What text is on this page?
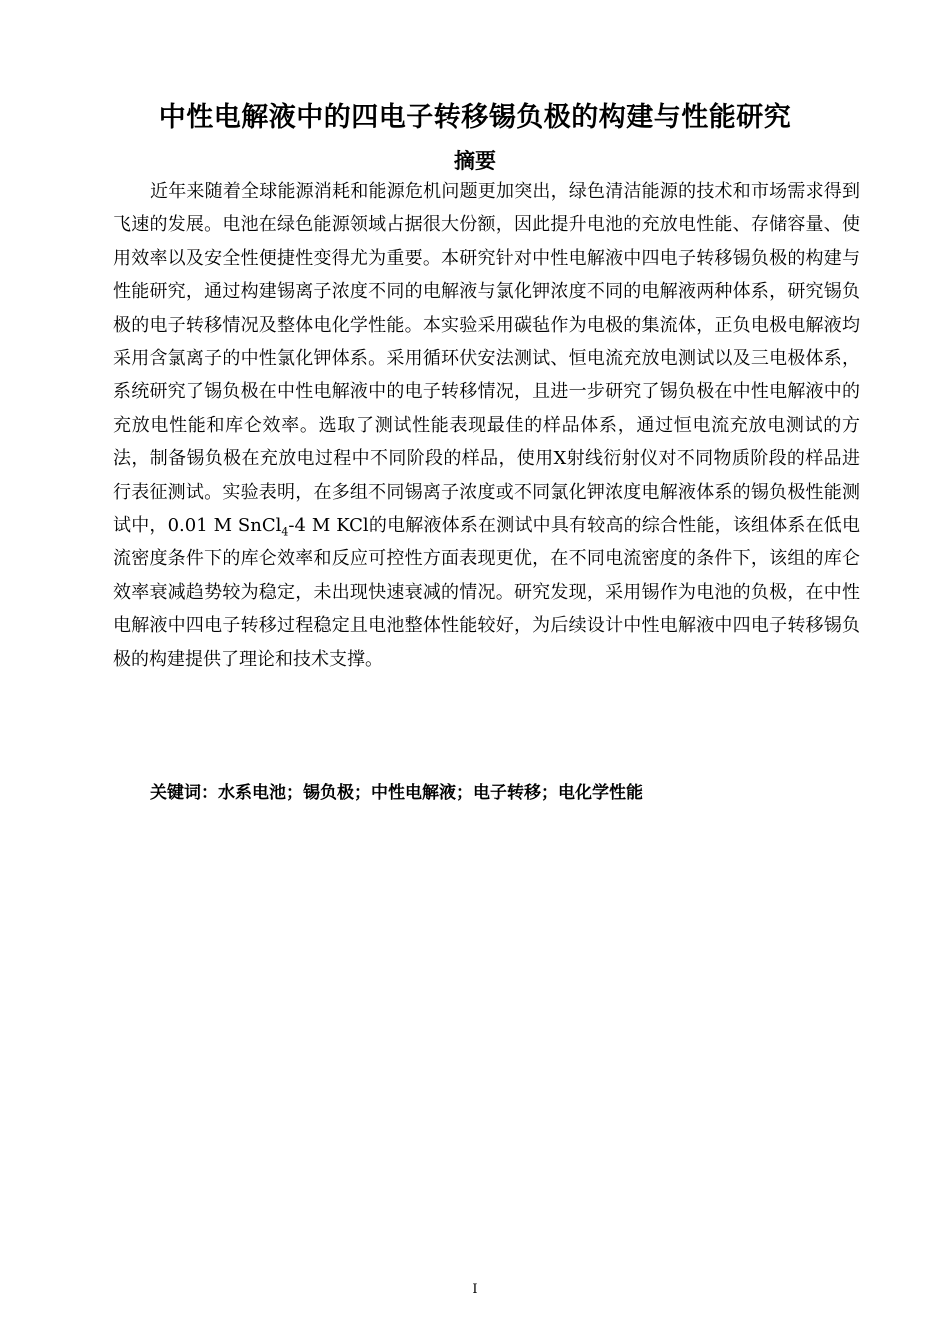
中性电解液中的四电子转移锡负极的构建与性能研究
摘要

近年来随着全球能源消耗和能源危机问题更加突出，绿色清洁能源的技术和市场需求得到飞速的发展。电池在绿色能源领域占据很大份额，因此提升电池的充放电性能、存储容量、使用效率以及安全性便捷性变得尤为重要。本研究针对中性电解液中四电子转移锡负极的构建与性能研究，通过构建锡离子浓度不同的电解液与氯化钾浓度不同的电解液两种体系，研究锡负极的电子转移情况及整体电化学性能。本实验采用碳毡作为电极的集流体，正负电极电解液均采用含氯离子的中性氯化钾体系。采用循环伏安法测试、恒电流充放电测试以及三电极体系，系统研究了锡负极在中性电解液中的电子转移情况，且进一步研究了锡负极在中性电解液中的充放电性能和库仑效率。选取了测试性能表现最佳的样品体系，通过恒电流充放电测试的方法，制备锡负极在充放电过程中不同阶段的样品，使用X射线衍射仪对不同物质阶段的样品进行表征测试。实验表明，在多组不同锡离子浓度或不同氯化钾浓度电解液体系的锡负极性能测试中，0.01 M SnCl$_4$-4 M KCl的电解液体系在测试中具有较高的综合性能，该组体系在低电流密度条件下的库仑效率和反应可控性方面表现更优，在不同电流密度的条件下，该组的库仑效率衰减趋势较为稳定，未出现快速衰减的情况。研究发现，采用锡作为电池的负极，在中性电解液中四电子转移过程稳定且电池整体性能较好，为后续设计中性电解液中四电子转移锡负极的构建提供了理论和技术支撑。

关键词：水系电池；锡负极；中性电解液；电子转移；电化学性能

I
